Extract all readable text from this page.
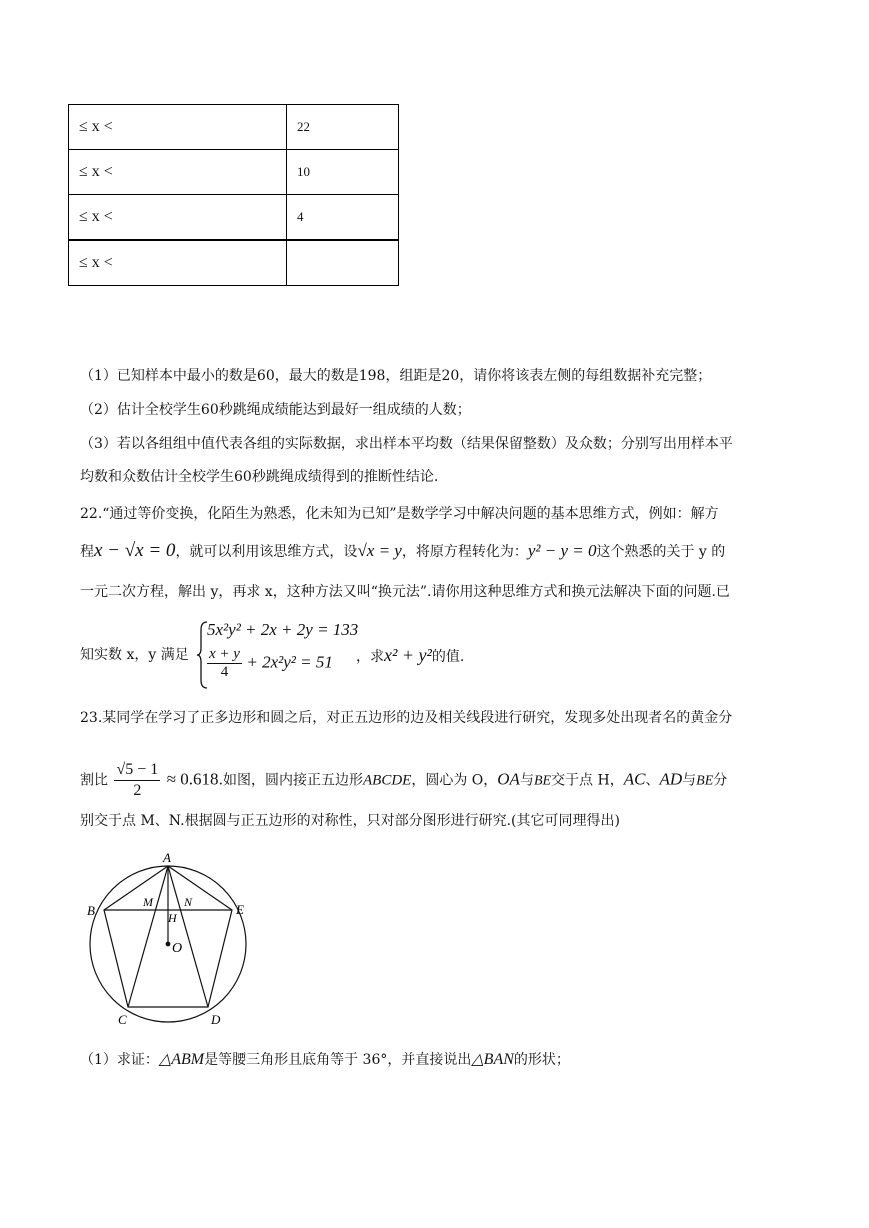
≤ x <	22
≤ x <	10
≤ x <	4
≤ x <	
（1）已知样本中最小的数是60，最大的数是198，组距是20，请你将该表左侧的每组数据补充完整；
（2）估计全校学生60秒跳绳成绩能达到最好一组成绩的人数；
（3）若以各组组中值代表各组的实际数据，求出样本平均数（结果保留整数）及众数；分别写出用样本平
均数和众数估计全校学生60秒跳绳成绩得到的推断性结论.
22.“通过等价变换，化陌生为熟悉，化未知为已知”是数学学习中解决问题的基本思维方式，例如：解方
程x − √x = 0，就可以利用该思维方式，设√x = y，将原方程转化为：y² − y = 0这个熟悉的关于 y 的
一元二次方程，解出 y，再求 x，这种方法又叫“换元法”.请你用这种思维方式和换元法解决下面的问题.已
知实数 x，y 满足
5x²y² + 2x + 2y = 133
$\frac{x + y}{4} + 2x^2y^2 = 51$ ，求x² + y²的值.
23.某同学在学习了正多边形和圆之后，对正五边形的边及相关线段进行研究，发现多处出现者名的黄金分
割比 $\frac{√5 - 1}{2} \approx 0.618$.如图，圆内接正五边形ABCDE，圆心为 O，OA与BE交于点 H，AC、AD与BE分
别交于点 M、N.根据圆与正五边形的对称性，只对部分图形进行研究.(其它可同理得出)
A
B
C	D
E
M	N
H
O
（1）求证：△ABM是等腰三角形且底角等于 36°，并直接说出△BAN的形状；
